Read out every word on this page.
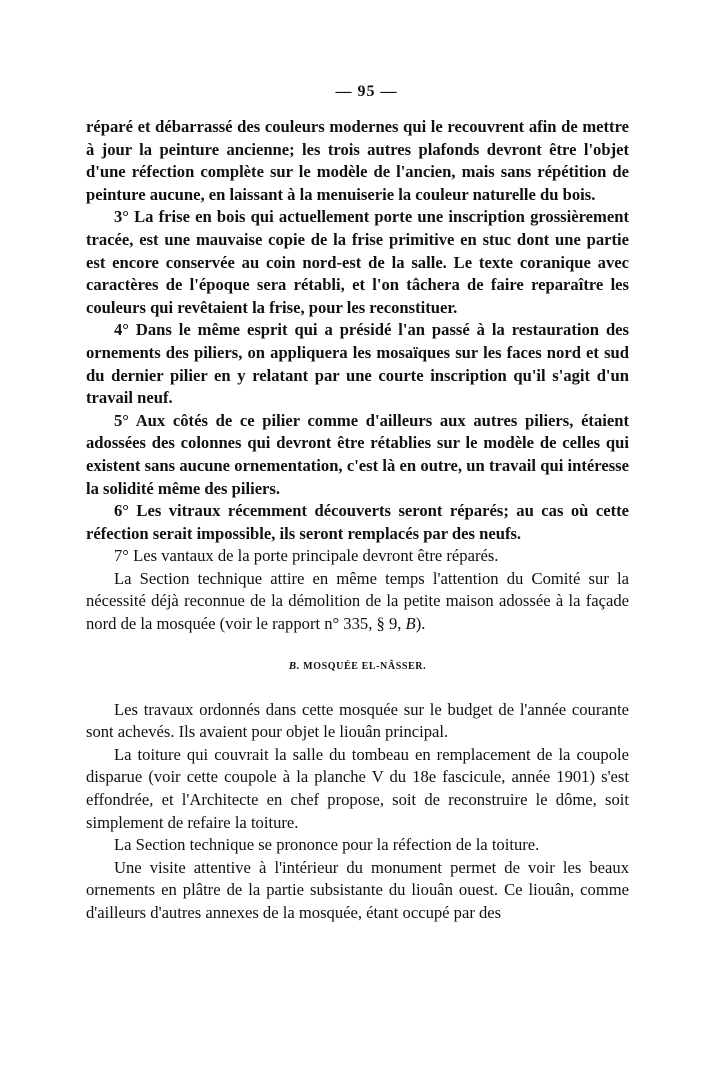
— 95 —

réparé et débarrassé des couleurs modernes qui le recouvrent afin de mettre à jour la peinture ancienne; les trois autres plafonds devront être l'objet d'une réfection complète sur le modèle de l'ancien, mais sans répétition de peinture aucune, en laissant à la menuiserie la couleur naturelle du bois.

3° La frise en bois qui actuellement porte une inscription grossièrement tracée, est une mauvaise copie de la frise primitive en stuc dont une partie est encore conservée au coin nord-est de la salle. Le texte coranique avec caractères de l'époque sera rétabli, et l'on tâchera de faire reparaître les couleurs qui revêtaient la frise, pour les reconstituer.

4° Dans le même esprit qui a présidé l'an passé à la restauration des ornements des piliers, on appliquera les mosaïques sur les faces nord et sud du dernier pilier en y relatant par une courte inscription qu'il s'agit d'un travail neuf.

5° Aux côtés de ce pilier comme d'ailleurs aux autres piliers, étaient adossées des colonnes qui devront être rétablies sur le modèle de celles qui existent sans aucune ornementation, c'est là en outre, un travail qui intéresse la solidité même des piliers.

6° Les vitraux récemment découverts seront réparés; au cas où cette réfection serait impossible, ils seront remplacés par des neufs.

7° Les vantaux de la porte principale devront être réparés.

La Section technique attire en même temps l'attention du Comité sur la nécessité déjà reconnue de la démolition de la petite maison adossée à la façade nord de la mosquée (voir le rapport n° 335, § 9, B).

B. MOSQUÉE EL-NÂSSER.

Les travaux ordonnés dans cette mosquée sur le budget de l'année courante sont achevés. Ils avaient pour objet le liouân principal.

La toiture qui couvrait la salle du tombeau en remplacement de la coupole disparue (voir cette coupole à la planche V du 18e fascicule, année 1901) s'est effondrée, et l'Architecte en chef propose, soit de reconstruire le dôme, soit simplement de refaire la toiture.

La Section technique se prononce pour la réfection de la toiture.

Une visite attentive à l'intérieur du monument permet de voir les beaux ornements en plâtre de la partie subsistante du liouân ouest. Ce liouân, comme d'ailleurs d'autres annexes de la mosquée, étant occupé par des
